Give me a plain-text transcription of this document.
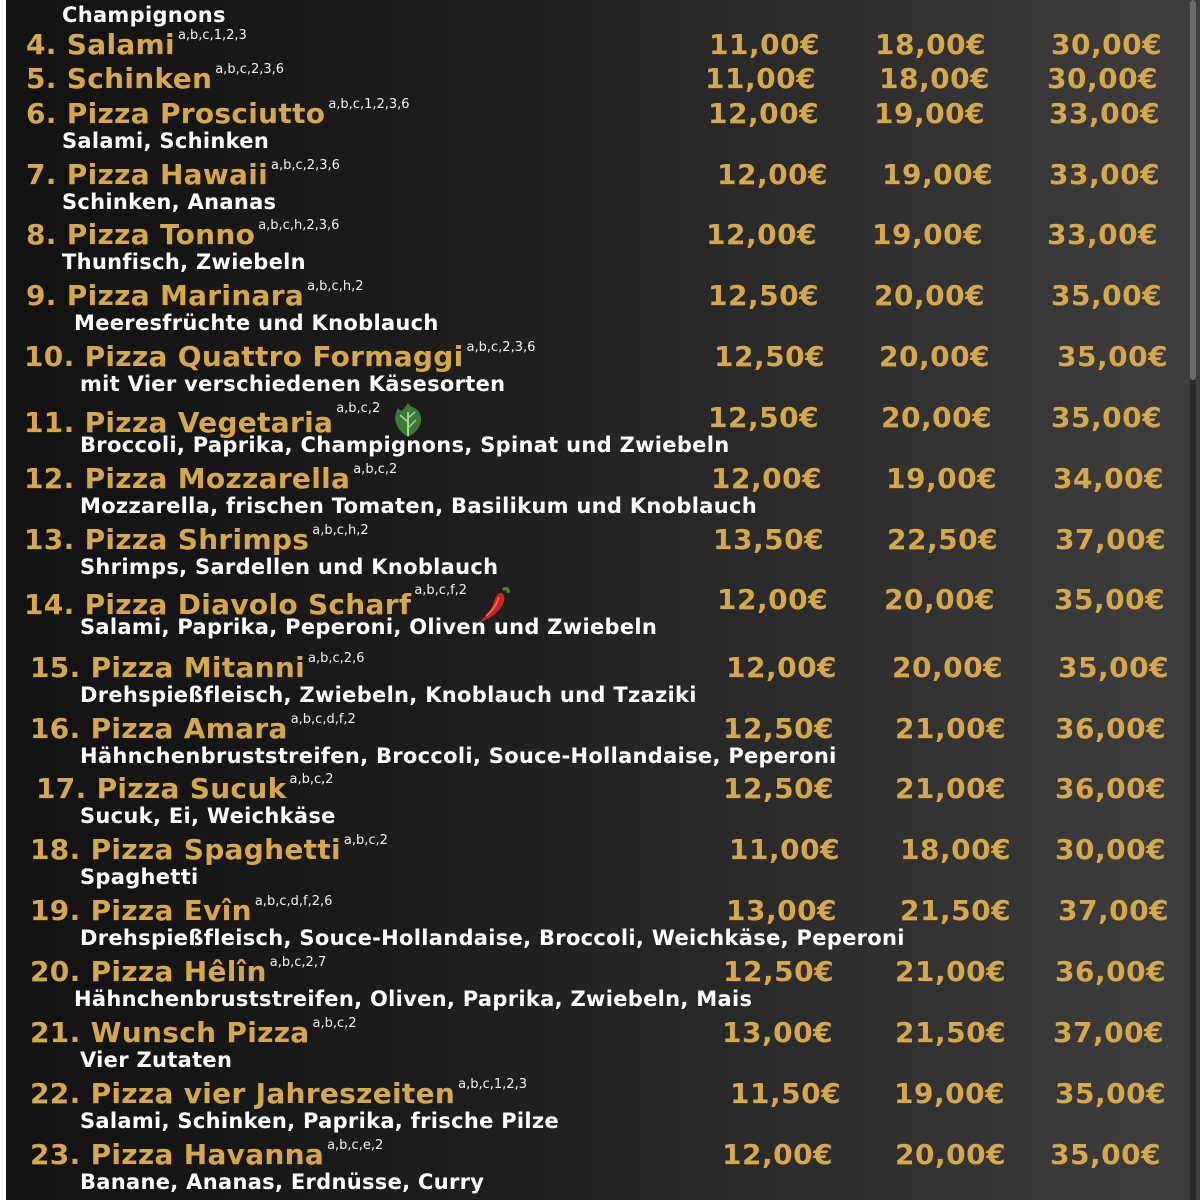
Champignons
4. Salami $^{a,b,c,1,2,3}$	11,00€ 18,00€ 30,00€
5. Schinken $^{a,b,c,2,3,6}$	11,00€ 18,00€ 30,00€
6. Pizza Prosciutto $^{a,b,c,1,2,3,6}$
Salami, Schinken
12,00€ 19,00€ 33,00€
7. Pizza Hawaii $^{a,b,c,2,3,6}$
Schinken, Ananas
12,00€ 19,00€ 33,00€
8. Pizza Tonno $^{a,b,c,h,2,3,6}$
Thunfisch, Zwiebeln
12,00€ 19,00€ 33,00€
9. Pizza Marinara $^{a,b,c,h,2}$
Meeresfrüchte und Knoblauch
12,50€ 20,00€ 35,00€
10. Pizza Quattro Formaggi $^{a,b,c,2,3,6}$
mit Vier verschiedenen Käsesorten
12,50€ 20,00€ 35,00€
11. Pizza Vegetaria $^{a,b,c,2}$
Broccoli, Paprika, Champignons, Spinat und Zwiebeln
12,50€ 20,00€ 35,00€
12. Pizza Mozzarella $^{a,b,c,2}$
Mozzarella, frischen Tomaten, Basilikum und Knoblauch
12,00€ 19,00€ 34,00€
13. Pizza Shrimps $^{a,b,c,h,2}$
Shrimps, Sardellen und Knoblauch
13,50€ 22,50€ 37,00€
14. Pizza Diavolo Scharf $^{a,b,c,f,2}$
Salami, Paprika, Peperoni, Oliven und Zwiebeln
12,00€ 20,00€ 35,00€
15. Pizza Mitanni $^{a,b,c,2,6}$
Drehspießfleisch, Zwiebeln, Knoblauch und Tzaziki
12,00€ 20,00€ 35,00€
16. Pizza Amara $^{a,b,c,d,f,2}$
Hähnchenbruststreifen, Broccoli, Souce-Hollandaise, Peperoni
12,50€ 21,00€ 36,00€
17. Pizza Sucuk $^{a,b,c,2}$
Sucuk, Ei, Weichkäse
12,50€ 21,00€ 36,00€
18. Pizza Spaghetti $^{a,b,c,2}$
Spaghetti
11,00€ 18,00€ 30,00€
19. Pizza Evîn $^{a,b,c,d,f,2,6}$
Drehspießfleisch, Souce-Hollandaise, Broccoli, Weichkäse, Peperoni
13,00€ 21,50€ 37,00€
20. Pizza Hêlîn $^{a,b,c,2,7}$
Hähnchenbruststreifen, Oliven, Paprika, Zwiebeln, Mais
12,50€ 21,00€ 36,00€
21. Wunsch Pizza $^{a,b,c,2}$
Vier Zutaten
13,00€ 21,50€ 37,00€
22. Pizza vier Jahreszeiten $^{a,b,c,1,2,3}$
Salami, Schinken, Paprika, frische Pilze
11,50€ 19,00€ 35,00€
23. Pizza Havanna $^{a,b,c,e,2}$
Banane, Ananas, Erdnüsse, Curry
12,00€ 20,00€ 35,00€
